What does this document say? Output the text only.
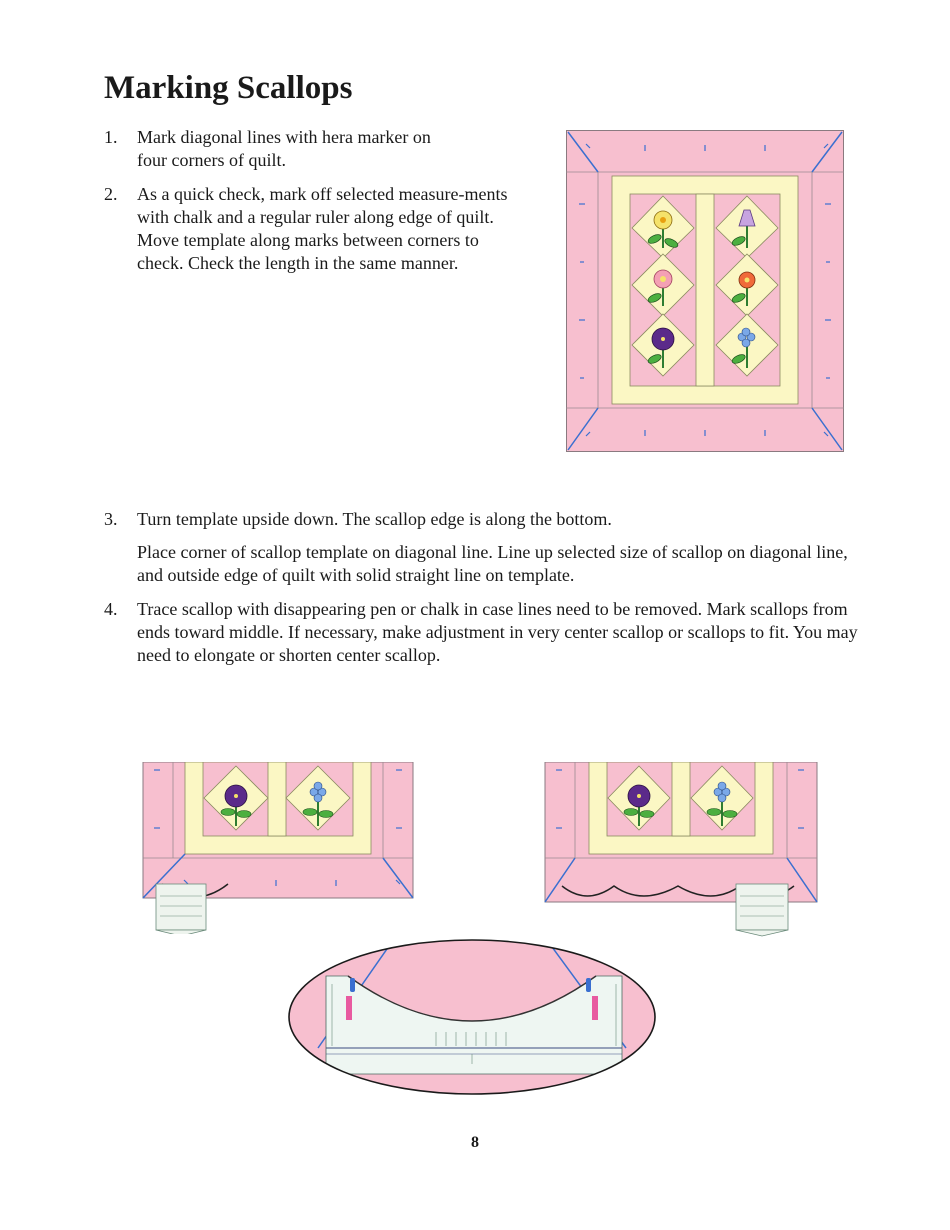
Marking Scallops
1. Mark diagonal lines with hera marker on four corners of quilt.

2. As a quick check, mark off selected measure-ments with chalk and a regular ruler along edge of quilt. Move template along marks between corners to check. Check the length in the same manner.

3. Turn template upside down. The scallop edge is along the bottom.

Place corner of scallop template on diagonal line. Line up selected size of scallop on diagonal line, and outside edge of quilt with solid straight line on template.

4. Trace scallop with disappearing pen or chalk in case lines need to be removed. Mark scallops from ends toward middle. If necessary, make adjustment in very center scallop or scallops to fit. You may need to elongate or shorten center scallop.

8
